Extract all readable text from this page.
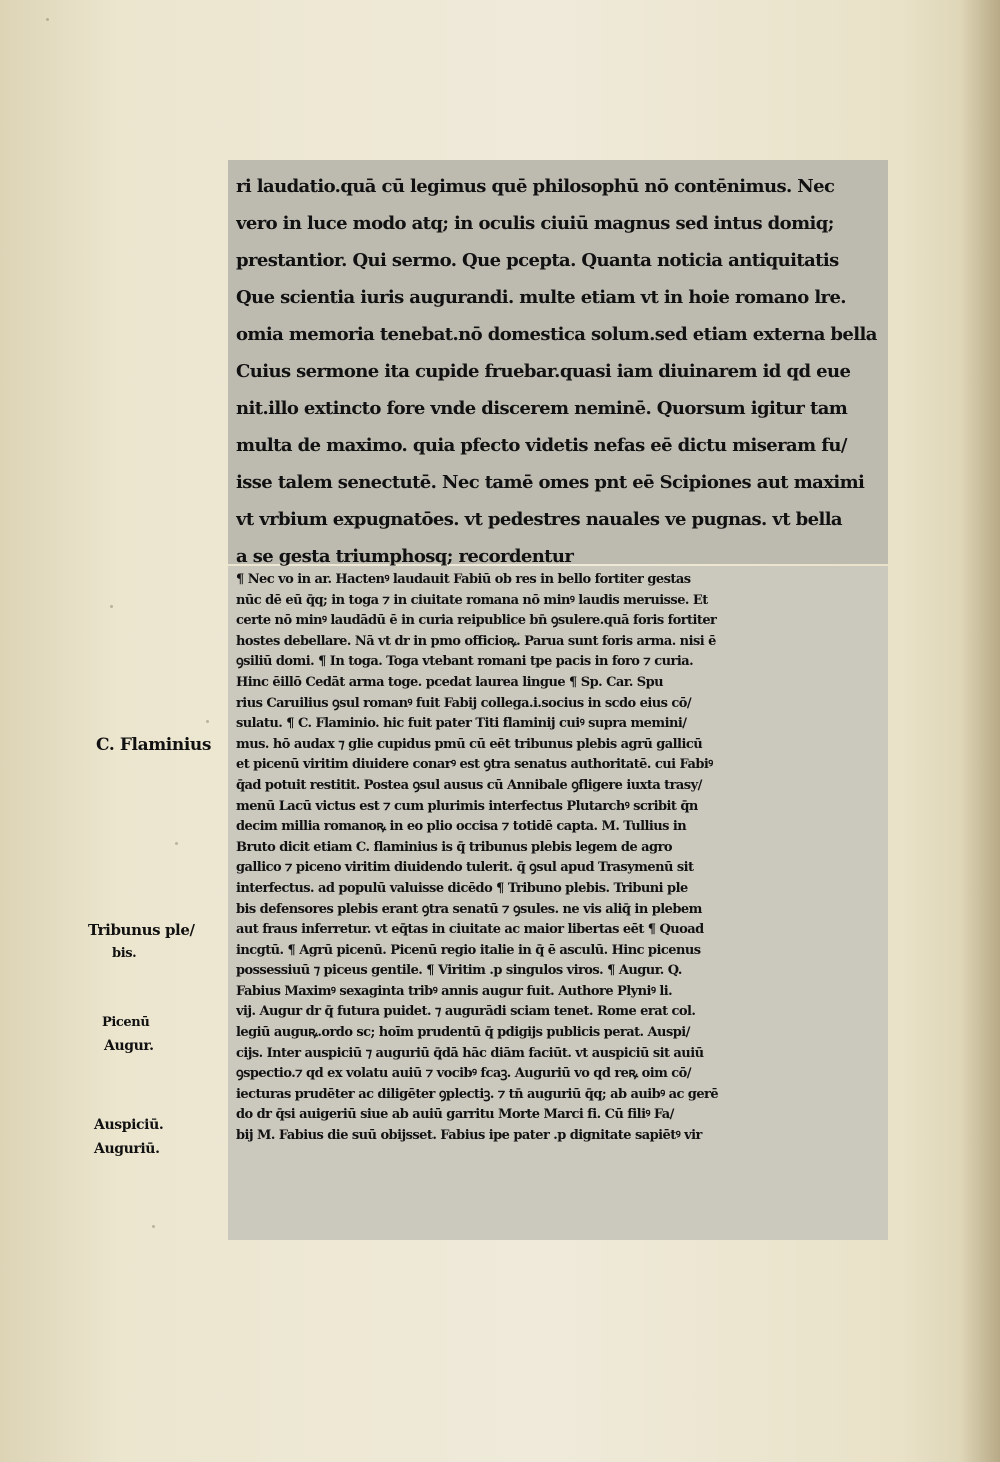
ri laudatio.quā cū legimus quē philosophū nō contēnimus. Nec
vero in luce modo atq; in oculis ciuiū magnus sed intus domiq;
prestantior. Qui sermo. Que pcepta. Quanta noticia antiquitatis
Que scientia iuris augurandi. multe etiam vt in hoie romano lre.
omia memoria tenebat.nō domestica solum.sed etiam externa bella
Cuius sermone ita cupide fruebar.quasi iam diuinarem id qd eue
nit.illo extincto fore vnde discerem neminē. Quorsum igitur tam
multa de maximo. quia pfecto videtis nefas eē dictu miseram fu/
isse talem senectutē. Nec tamē omes pnt eē Scipiones aut maximi
vt vrbium expugnatōes. vt pedestres nauales ve pugnas. vt bella
a se gesta triumphosq; recordentur
¶ Nec vo in ar. Hactenꝰ laudauit Fabiū ob res in bello fortiter gestas
nūc dē eū q̄q; in toga ⁊ in ciuitate romana nō minꝰ laudis meruisse. Et
certe nō minꝰ laudādū ē in curia reipublice bn̄ ꝯsulere.quā foris fortiter
hostes debellare. Nā vt dr in pmo officioꝶ. Parua sunt foris arma. nisi ē
ꝯsiliū domi. ¶ In toga. Toga vtebant romani tpe pacis in foro ⁊ curia.
Hinc ēillō Cedāt arma toge. pcedat laurea lingue ¶ Sp. Car. Spu
rius Caruilius ꝯsul romanꝰ fuit Fabij collega.i.socius in scdo eius cō/
sulatu. ¶ C. Flaminio. hic fuit pater Titi flaminij cuiꝰ supra memini/
mus. hō audax ⁊ glie cupidus pmū cū eēt tribunus plebis agrū gallicū
et picenū viritim diuidere conarꝰ est ꝯtra senatus authoritatē. cui Fabiꝰ
q̄ad potuit restitit. Postea ꝯsul ausus cū Annibale ꝯfligere iuxta trasy/
menū Lacū victus est ⁊ cum plurimis interfectus Plutarchꝰ scribit q̄n
decim millia romanoꝶ in eo plio occisa ⁊ totidē capta. M. Tullius in
Bruto dicit etiam C. flaminius is q̄ tribunus plebis legem de agro
gallico ⁊ piceno viritim diuidendo tulerit. q̄ ꝯsul apud Trasymenū sit
interfectus. ad populū valuisse dicēdo ¶ Tribuno plebis. Tribuni ple
bis defensores plebis erant ꝯtra senatū ⁊ ꝯsules. ne vis aliq̄ in plebem
aut fraus inferretur. vt eq̄tas in ciuitate ac maior libertas eēt ¶ Quoad
incgtū. ¶ Agrū picenū. Picenū regio italie in q̄ ē asculū. Hinc picenus
possessiuū ⁊ piceus gentile. ¶ Viritim .p singulos viros. ¶ Augur. Q.
Fabius Maximꝰ sexaginta tribꝰ annis augur fuit. Authore Plyniꝰ li.
vij. Augur dr q̄ futura puidet. ⁊ augurādi sciam tenet. Rome erat col.
legiū auguꝶ.ordo sc; hoīm prudentū q̄ pdigijs publicis perat. Auspi/
cijs. Inter auspiciū ⁊ auguriū q̄dā hāc diām faciūt. vt auspiciū sit auiū
ꝯspectio.⁊ qd ex volatu auiū ⁊ vocibꝰ fcaꝫ. Auguriū vo qd reꝶ oim cō/
iecturas prudēter ac diligēter ꝯplectiꝫ. ⁊ tn̄ auguriū q̄q; ab auibꝰ ac gerē
do dr q̄si auigeriū siue ab auiū garritu Morte Marci fi. Cū filiꝰ Fa/
bij M. Fabius die suū obijsset. Fabius ipe pater .p dignitate sapiētꝰ vir
C. Flaminius
Tribunus ple/
bis.
Picenū
Augur.
Auspiciū.
Auguriū.
